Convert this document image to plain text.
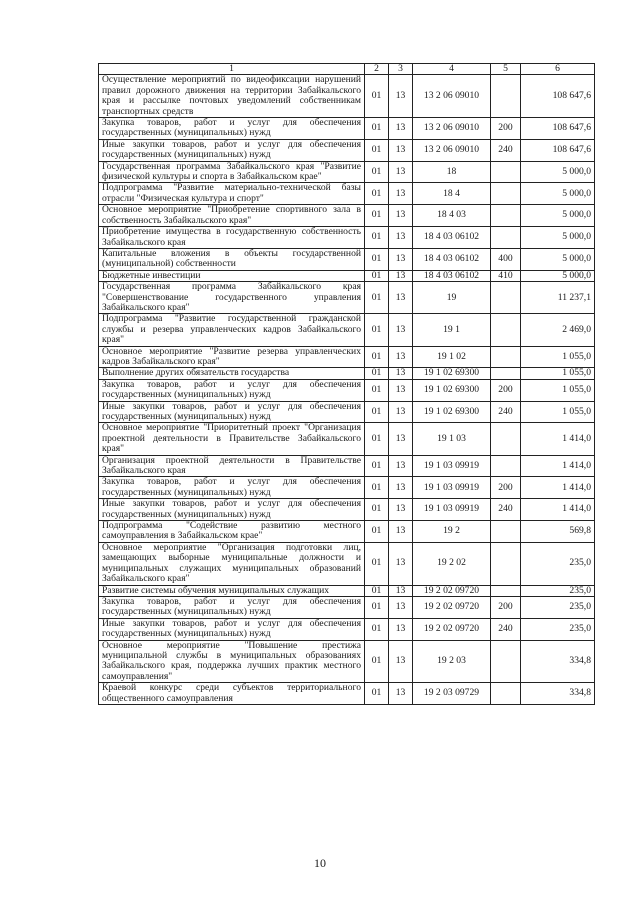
1	2	3	4	5	6
Осуществление мероприятий по видеофиксации нарушений правил дорожного движения на территории Забайкальского края и рассылке почтовых уведомлений собственникам транспортных средств	01	13	13 2 06 09010		108 647,6
Закупка товаров, работ и услуг для обеспечения государственных (муниципальных) нужд	01	13	13 2 06 09010	200	108 647,6
Иные закупки товаров, работ и услуг для обеспечения государственных (муниципальных) нужд	01	13	13 2 06 09010	240	108 647,6
Государственная программа Забайкальского края "Развитие физической культуры и спорта в Забайкальском крае"	01	13	18		5 000,0
Подпрограмма "Развитие материально-технической базы отрасли "Физическая культура и спорт"	01	13	18 4		5 000,0
Основное мероприятие "Приобретение спортивного зала в собственность Забайкальского края"	01	13	18 4 03		5 000,0
Приобретение имущества в государственную собственность Забайкальского края	01	13	18 4 03 06102		5 000,0
Капитальные вложения в объекты государственной (муниципальной) собственности	01	13	18 4 03 06102	400	5 000,0
Бюджетные инвестиции	01	13	18 4 03 06102	410	5 000,0
Государственная программа Забайкальского края "Совершенствование государственного управления Забайкальского края"	01	13	19		11 237,1
Подпрограмма "Развитие государственной гражданской службы и резерва управленческих кадров Забайкальского края"	01	13	19 1		2 469,0
Основное мероприятие "Развитие резерва управленческих кадров Забайкальского края"	01	13	19 1 02		1 055,0
Выполнение других обязательств государства	01	13	19 1 02 69300		1 055,0
Закупка товаров, работ и услуг для обеспечения государственных (муниципальных) нужд	01	13	19 1 02 69300	200	1 055,0
Иные закупки товаров, работ и услуг для обеспечения государственных (муниципальных) нужд	01	13	19 1 02 69300	240	1 055,0
Основное мероприятие "Приоритетный проект "Организация проектной деятельности в Правительстве Забайкальского края"	01	13	19 1 03		1 414,0
Организация проектной деятельности в Правительстве Забайкальского края	01	13	19 1 03 09919		1 414,0
Закупка товаров, работ и услуг для обеспечения государственных (муниципальных) нужд	01	13	19 1 03 09919	200	1 414,0
Иные закупки товаров, работ и услуг для обеспечения государственных (муниципальных) нужд	01	13	19 1 03 09919	240	1 414,0
Подпрограмма "Содействие развитию местного самоуправления в Забайкальском крае"	01	13	19 2		569,8
Основное мероприятие "Организация подготовки лиц, замещающих выборные муниципальные должности и муниципальных служащих муниципальных образований Забайкальского края"	01	13	19 2 02		235,0
Развитие системы обучения муниципальных служащих	01	13	19 2 02 09720		235,0
Закупка товаров, работ и услуг для обеспечения государственных (муниципальных) нужд	01	13	19 2 02 09720	200	235,0
Иные закупки товаров, работ и услуг для обеспечения государственных (муниципальных) нужд	01	13	19 2 02 09720	240	235,0
Основное мероприятие "Повышение престижа муниципальной службы в муниципальных образованиях Забайкальского края, поддержка лучших практик местного самоуправления"	01	13	19 2 03		334,8
Краевой конкурс среди субъектов территориального общественного самоуправления	01	13	19 2 03 09729		334,8
10
